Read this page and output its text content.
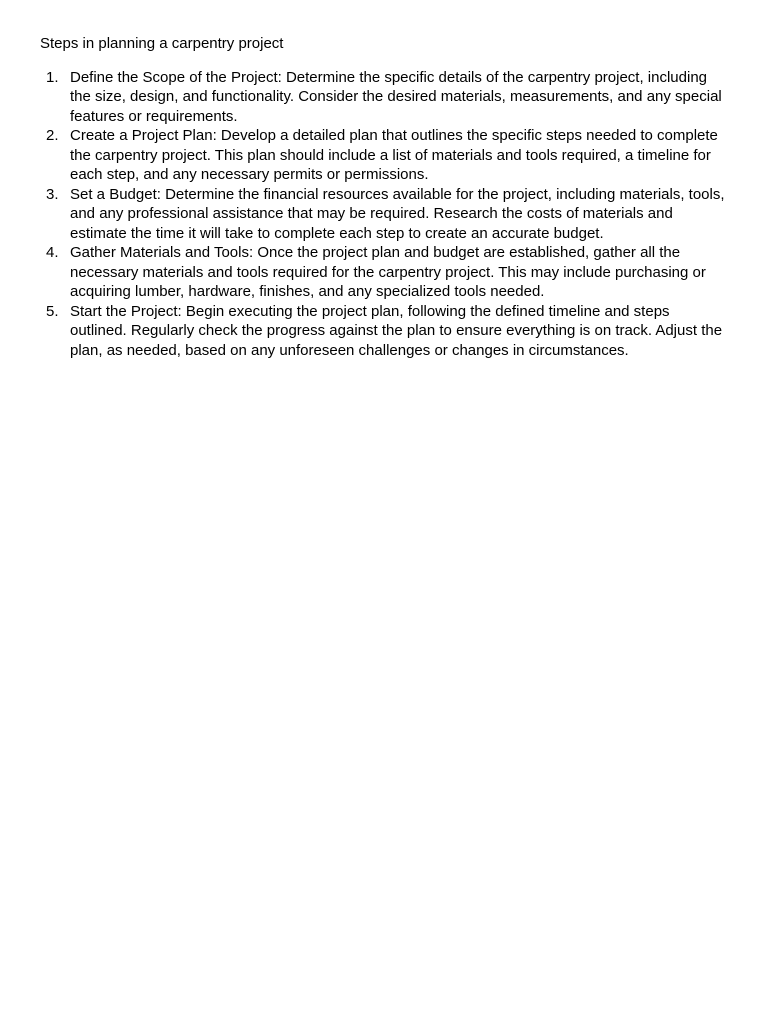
Steps in planning a carpentry project

1. Define the Scope of the Project: Determine the specific details of the carpentry project, including the size, design, and functionality. Consider the desired materials, measurements, and any special features or requirements.
2. Create a Project Plan: Develop a detailed plan that outlines the specific steps needed to complete the carpentry project. This plan should include a list of materials and tools required, a timeline for each step, and any necessary permits or permissions.
3. Set a Budget: Determine the financial resources available for the project, including materials, tools, and any professional assistance that may be required. Research the costs of materials and estimate the time it will take to complete each step to create an accurate budget.
4. Gather Materials and Tools: Once the project plan and budget are established, gather all the necessary materials and tools required for the carpentry project. This may include purchasing or acquiring lumber, hardware, finishes, and any specialized tools needed.
5. Start the Project: Begin executing the project plan, following the defined timeline and steps outlined. Regularly check the progress against the plan to ensure everything is on track. Adjust the plan, as needed, based on any unforeseen challenges or changes in circumstances.
